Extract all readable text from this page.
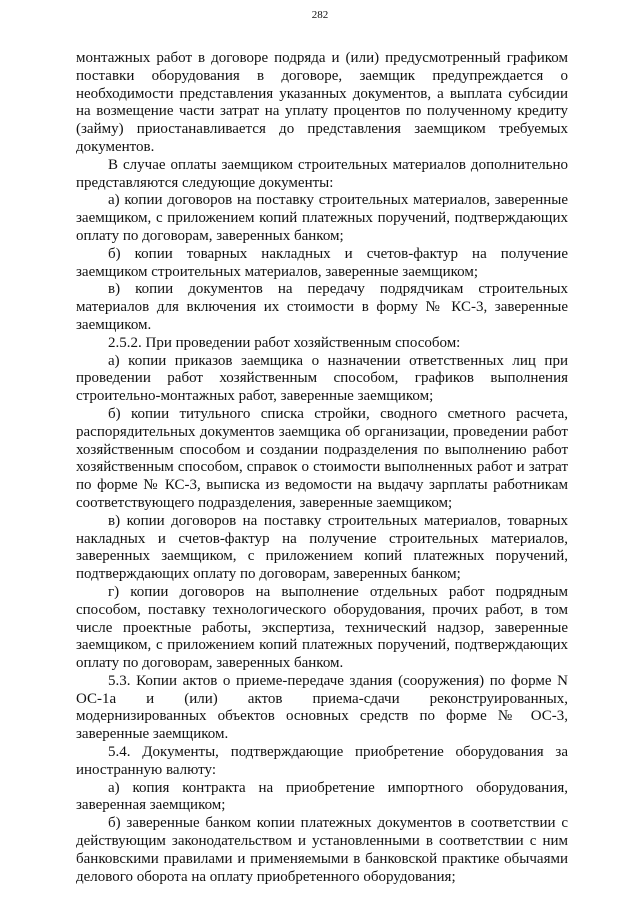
282

монтажных работ в договоре подряда и (или) предусмотренный графиком поставки оборудования в договоре, заемщик предупреждается о необходимости представления указанных документов, а выплата субсидии на возмещение части затрат на уплату процентов по полученному кредиту (займу) приостанавливается до представления заемщиком требуемых документов.

В случае оплаты заемщиком строительных материалов дополнительно представляются следующие документы:

а) копии договоров на поставку строительных материалов, заверенные заемщиком, с приложением копий платежных поручений, подтверждающих оплату по договорам, заверенных банком;

б) копии товарных накладных и счетов-фактур на получение заемщиком строительных материалов, заверенные заемщиком;

в) копии документов на передачу подрядчикам строительных материалов для включения их стоимости в форму № КС-3, заверенные заемщиком.

2.5.2. При проведении работ хозяйственным способом:

а) копии приказов заемщика о назначении ответственных лиц при проведении работ хозяйственным способом, графиков выполнения строительно-монтажных работ, заверенные заемщиком;

б) копии титульного списка стройки, сводного сметного расчета, распорядительных документов заемщика об организации, проведении работ хозяйственным способом и создании подразделения по выполнению работ хозяйственным способом, справок о стоимости выполненных работ и затрат по форме № КС-3, выписка из ведомости на выдачу зарплаты работникам соответствующего подразделения, заверенные заемщиком;

в) копии договоров на поставку строительных материалов, товарных накладных и счетов-фактур на получение строительных материалов, заверенных заемщиком, с приложением копий платежных поручений, подтверждающих оплату по договорам, заверенных банком;

г) копии договоров на выполнение отдельных работ подрядным способом, поставку технологического оборудования, прочих работ, в том числе проектные работы, экспертиза, технический надзор, заверенные заемщиком, с приложением копий платежных поручений, подтверждающих оплату по договорам, заверенных банком.

5.3. Копии актов о приеме-передаче здания (сооружения) по форме N ОС-1а и (или) актов приема-сдачи реконструированных, модернизированных объектов основных средств по форме № ОС-3, заверенные заемщиком.

5.4. Документы, подтверждающие приобретение оборудования за иностранную валюту:

а) копия контракта на приобретение импортного оборудования, заверенная заемщиком;

б) заверенные банком копии платежных документов в соответствии с действующим законодательством и установленными в соответствии с ним банковскими правилами и применяемыми в банковской практике обычаями делового оборота на оплату приобретенного оборудования;
